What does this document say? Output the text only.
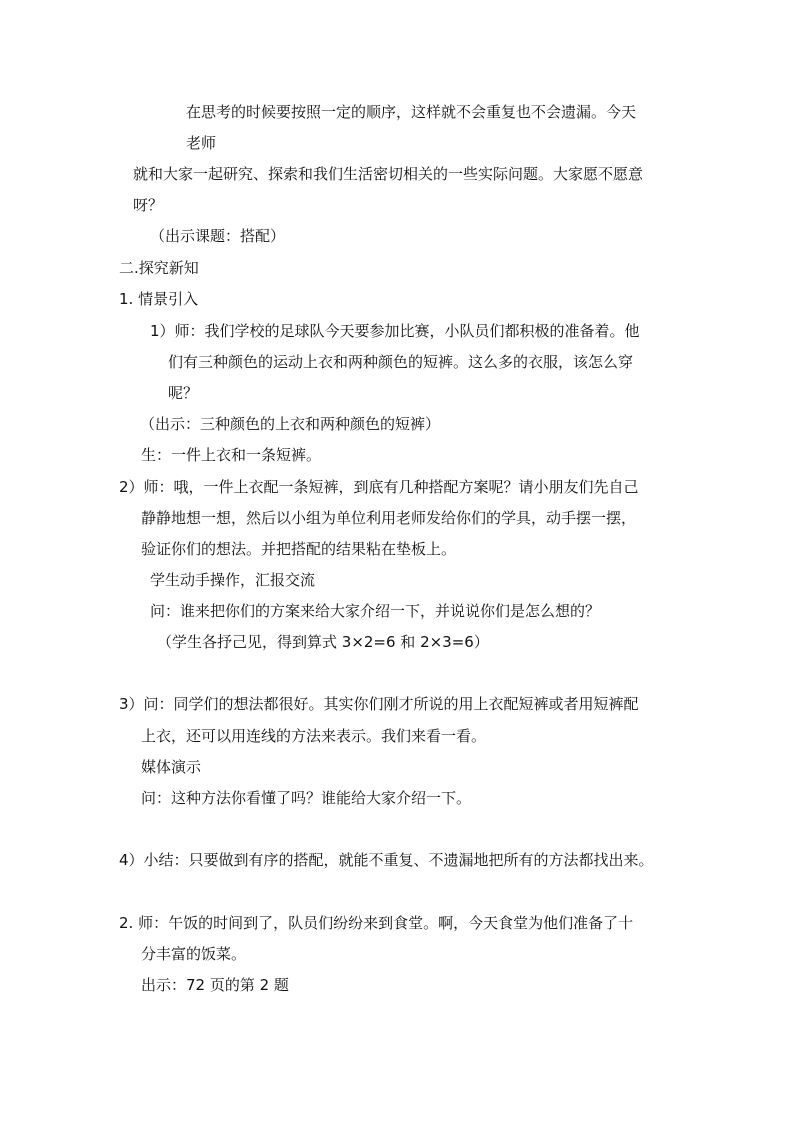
在思考的时候要按照一定的顺序，这样就不会重复也不会遗漏。今天
老师
就和大家一起研究、探索和我们生活密切相关的一些实际问题。大家愿不愿意
呀？
（出示课题：搭配）
二.探究新知
1. 情景引入
1）师：我们学校的足球队今天要参加比赛，小队员们都积极的准备着。他
们有三种颜色的运动上衣和两种颜色的短裤。这么多的衣服，该怎么穿
呢？
（出示：三种颜色的上衣和两种颜色的短裤）
生：一件上衣和一条短裤。
2）师：哦，一件上衣配一条短裤，到底有几种搭配方案呢？请小朋友们先自己
静静地想一想，然后以小组为单位利用老师发给你们的学具，动手摆一摆，
验证你们的想法。并把搭配的结果粘在垫板上。
学生动手操作，汇报交流
问：谁来把你们的方案来给大家介绍一下，并说说你们是怎么想的？
（学生各抒己见，得到算式 3×2=6 和 2×3=6）
3）问：同学们的想法都很好。其实你们刚才所说的用上衣配短裤或者用短裤配
上衣，还可以用连线的方法来表示。我们来看一看。
媒体演示
问：这种方法你看懂了吗？谁能给大家介绍一下。
4）小结：只要做到有序的搭配，就能不重复、不遗漏地把所有的方法都找出来。
2. 师：午饭的时间到了，队员们纷纷来到食堂。啊，今天食堂为他们准备了十
分丰富的饭菜。
出示：72 页的第 2 题
